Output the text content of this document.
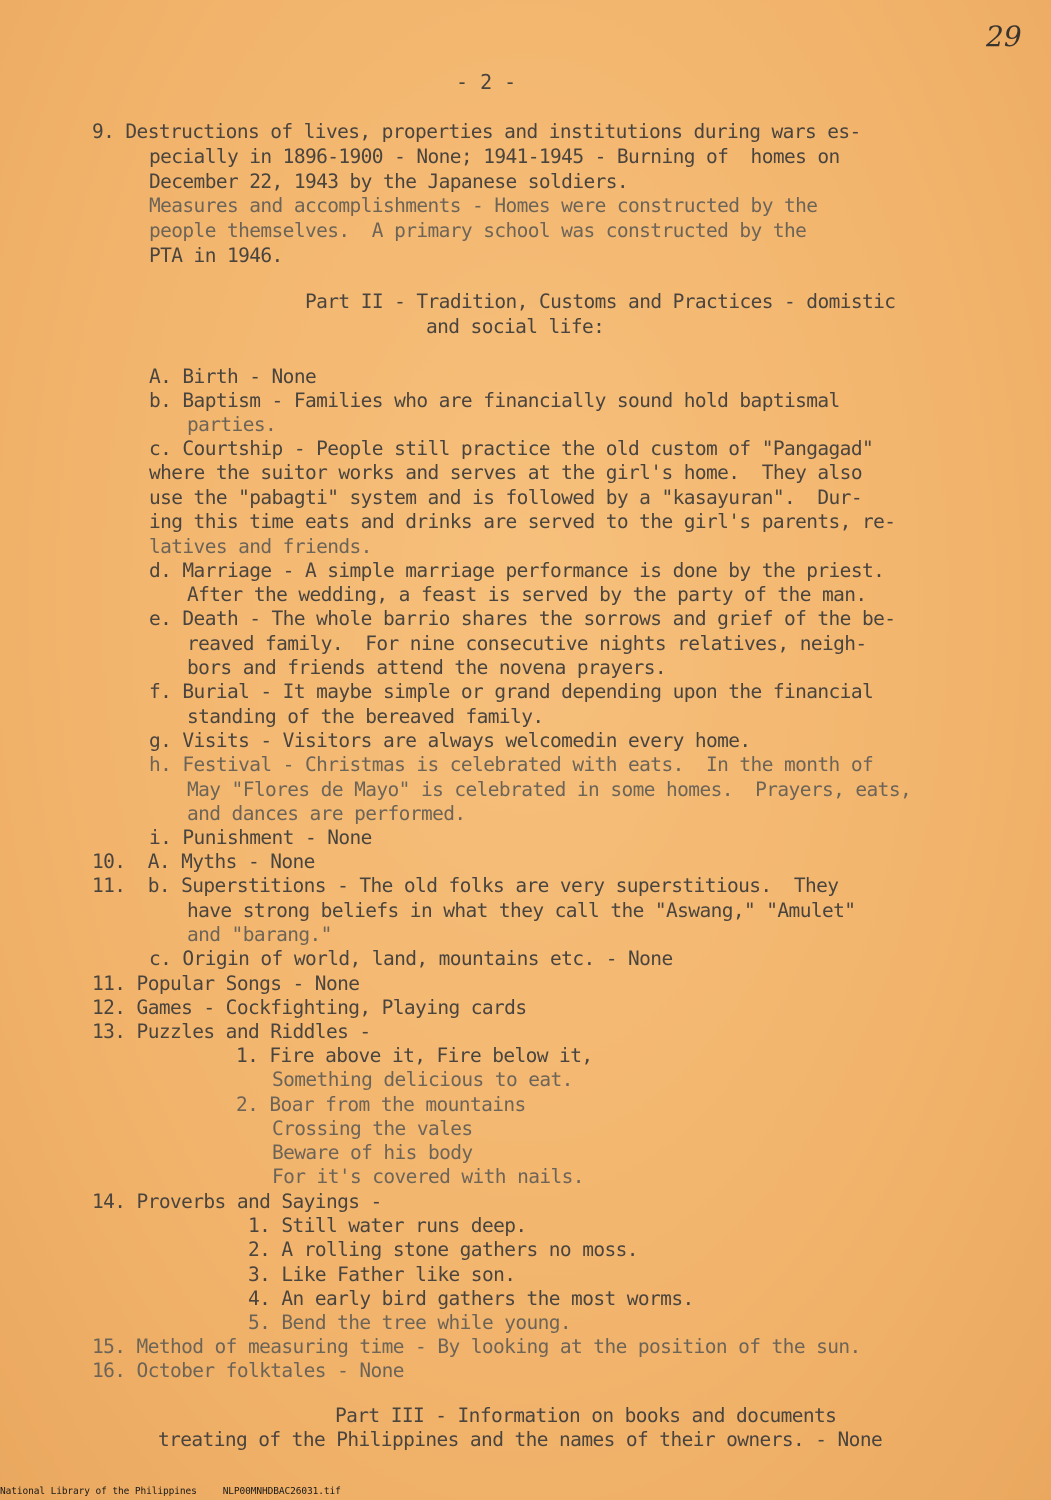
29
- 2 -
9. Destructions of lives, properties and institutions during wars es-
pecially in 1896-1900 - None; 1941-1945 - Burning of  homes on
December 22, 1943 by the Japanese soldiers.
Measures and accomplishments - Homes were constructed by the
people themselves.  A primary school was constructed by the
PTA in 1946.
Part II - Tradition, Customs and Practices - domistic
and social life:
A. Birth - None
b. Baptism - Families who are financially sound hold baptismal
parties.
c. Courtship - People still practice the old custom of "Pangagad"
where the suitor works and serves at the girl's home.  They also
use the "pabagti" system and is followed by a "kasayuran".  Dur-
ing this time eats and drinks are served to the girl's parents, re-
latives and friends.
d. Marriage - A simple marriage performance is done by the priest.
After the wedding, a feast is served by the party of the man.
e. Death - The whole barrio shares the sorrows and grief of the be-
reaved family.  For nine consecutive nights relatives, neigh-
bors and friends attend the novena prayers.
f. Burial - It maybe simple or grand depending upon the financial
standing of the bereaved family.
g. Visits - Visitors are always welcomedin every home.
h. Festival - Christmas is celebrated with eats.  In the month of
May "Flores de Mayo" is celebrated in some homes.  Prayers, eats,
and dances are performed.
i. Punishment - None
10.  A. Myths - None
11.  b. Superstitions - The old folks are very superstitious.  They
have strong beliefs in what they call the "Aswang," "Amulet"
and "barang."
c. Origin of world, land, mountains etc. - None
11. Popular Songs - None
12. Games - Cockfighting, Playing cards
13. Puzzles and Riddles -
1. Fire above it, Fire below it,
Something delicious to eat.
2. Boar from the mountains
Crossing the vales
Beware of his body
For it's covered with nails.
14. Proverbs and Sayings -
1. Still water runs deep.
2. A rolling stone gathers no moss.
3. Like Father like son.
4. An early bird gathers the most worms.
5. Bend the tree while young.
15. Method of measuring time - By looking at the position of the sun.
16. October folktales - None
Part III - Information on books and documents
treating of the Philippines and the names of their owners. - None
National Library of the Philippines	NLP00MNHDBAC26031.tif
